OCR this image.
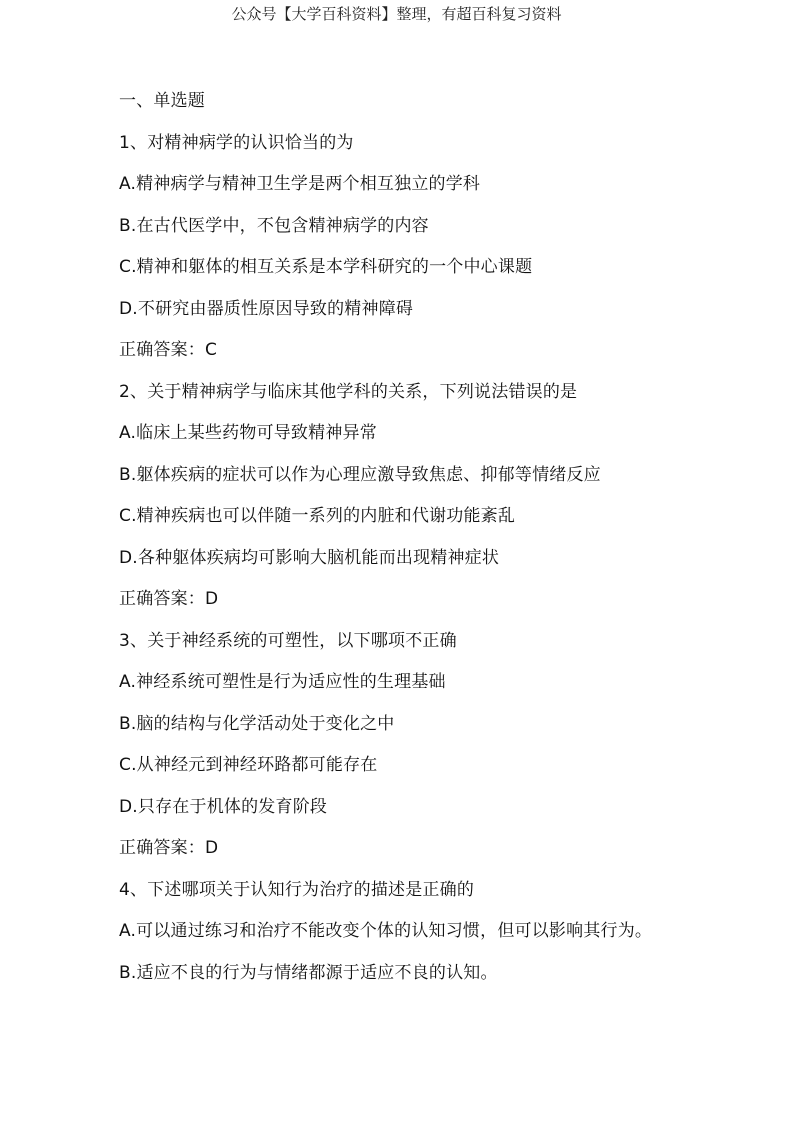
公众号【大学百科资料】整理，有超百科复习资料
一、单选题
1、对精神病学的认识恰当的为
A.精神病学与精神卫生学是两个相互独立的学科
B.在古代医学中，不包含精神病学的内容
C.精神和躯体的相互关系是本学科研究的一个中心课题
D.不研究由器质性原因导致的精神障碍
正确答案：C
2、关于精神病学与临床其他学科的关系，下列说法错误的是
A.临床上某些药物可导致精神异常
B.躯体疾病的症状可以作为心理应激导致焦虑、抑郁等情绪反应
C.精神疾病也可以伴随一系列的内脏和代谢功能紊乱
D.各种躯体疾病均可影响大脑机能而出现精神症状
正确答案：D
3、关于神经系统的可塑性，以下哪项不正确
A.神经系统可塑性是行为适应性的生理基础
B.脑的结构与化学活动处于变化之中
C.从神经元到神经环路都可能存在
D.只存在于机体的发育阶段
正确答案：D
4、下述哪项关于认知行为治疗的描述是正确的
A.可以通过练习和治疗不能改变个体的认知习惯，但可以影响其行为。
B.适应不良的行为与情绪都源于适应不良的认知。
